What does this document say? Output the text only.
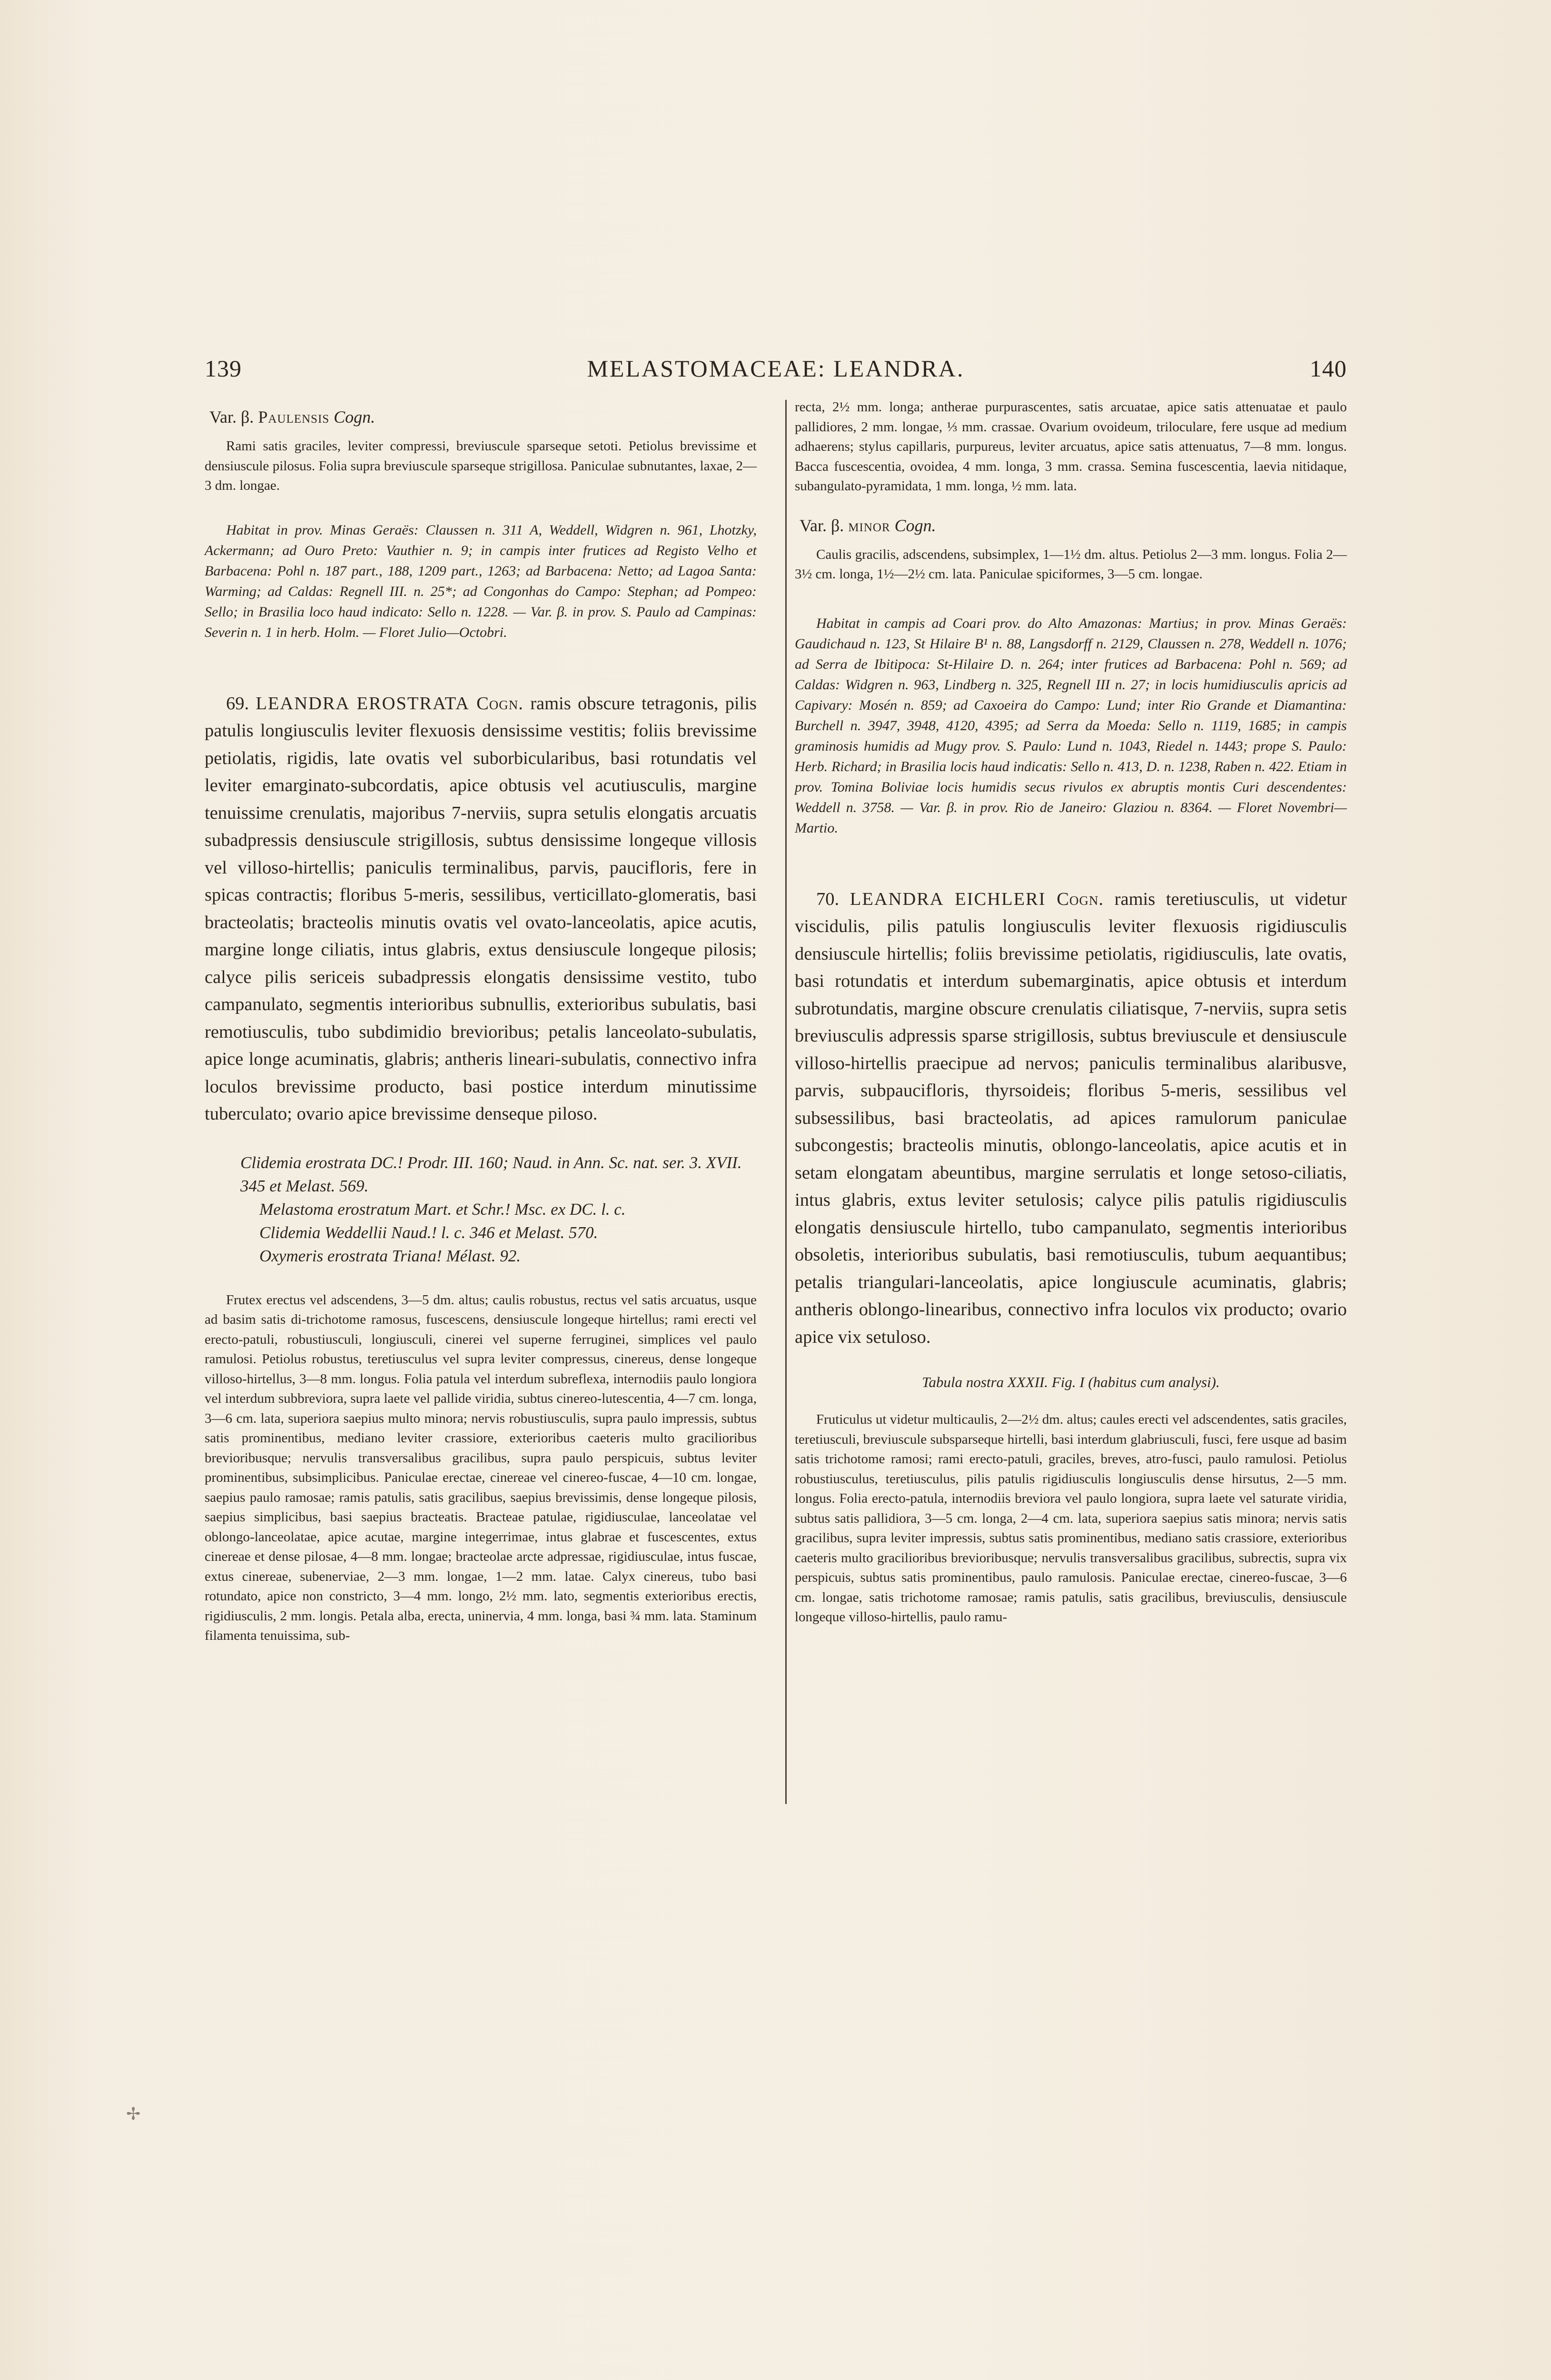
139	MELASTOMACEAE: LEANDRA.	140
Var. β. Paulensis Cogn.

Rami satis graciles, leviter compressi, breviuscule sparseque setoti. Petiolus brevissime et densiuscule pilosus. Folia supra breviuscule sparseque strigillosa. Paniculae subnutantes, laxae, 2—3 dm. longae.

Habitat in prov. Minas Geraës: Claussen n. 311 A, Weddell, Widgren n. 961, Lhotzky, Ackermann; ad Ouro Preto: Vauthier n. 9; in campis inter frutices ad Registo Velho et Barbacena: Pohl n. 187 part., 188, 1209 part., 1263; ad Barbacena: Netto; ad Lagoa Santa: Warming; ad Caldas: Regnell III. n. 25*; ad Congonhas do Campo: Stephan; ad Pompeo: Sello; in Brasilia loco haud indicato: Sello n. 1228. — Var. β. in prov. S. Paulo ad Campinas: Severin n. 1 in herb. Holm. — Floret Julio—Octobri.

69. LEANDRA EROSTRATA Cogn. ramis obscure tetragonis, pilis patulis longiusculis leviter flexuosis densissime vestitis; foliis brevissime petiolatis, rigidis, late ovatis vel suborbicularibus, basi rotundatis vel leviter emarginato-subcordatis, apice obtusis vel acutiusculis, margine tenuissime crenulatis, majoribus 7-nerviis, supra setulis elongatis arcuatis subadpressis densiuscule strigillosis, subtus densissime longeque villosis vel villoso-hirtellis; paniculis terminalibus, parvis, paucifloris, fere in spicas contractis; floribus 5-meris, sessilibus, verticillato-glomeratis, basi bracteolatis; bracteolis minutis ovatis vel ovato-lanceolatis, apice acutis, margine longe ciliatis, intus glabris, extus densiuscule longeque pilosis; calyce pilis sericeis subadpressis elongatis densissime vestito, tubo campanulato, segmentis interioribus subnullis, exterioribus subulatis, basi remotiusculis, tubo subdimidio brevioribus; petalis lanceolato-subulatis, apice longe acuminatis, glabris; antheris lineari-subulatis, connectivo infra loculos brevissime producto, basi postice interdum minutissime tuberculato; ovario apice brevissime denseque piloso.

Clidemia erostrata DC.! Prodr. III. 160; Naud. in Ann. Sc. nat. ser. 3. XVII. 345 et Melast. 569.
Melastoma erostratum Mart. et Schr.! Msc. ex DC. l. c.
Clidemia Weddellii Naud.! l. c. 346 et Melast. 570.
Oxymeris erostrata Triana! Mélast. 92.

Frutex erectus vel adscendens, 3—5 dm. altus; caulis robustus, rectus vel satis arcuatus, usque ad basim satis di-trichotome ramosus, fuscescens, densiuscule longeque hirtellus; rami erecti vel erecto-patuli, robustiusculi, longiusculi, cinerei vel superne ferruginei, simplices vel paulo ramulosi. Petiolus robustus, teretiusculus vel supra leviter compressus, cinereus, dense longeque villoso-hirtellus, 3—8 mm. longus. Folia patula vel interdum subreflexa, internodiis paulo longiora vel interdum subbreviora, supra laete vel pallide viridia, subtus cinereo-lutescentia, 4—7 cm. longa, 3—6 cm. lata, superiora saepius multo minora; nervis robustiusculis, supra paulo impressis, subtus satis prominentibus, mediano leviter crassiore, exterioribus caeteris multo gracilioribus brevioribusque; nervulis transversalibus gracilibus, supra paulo perspicuis, subtus leviter prominentibus, subsimplicibus. Paniculae erectae, cinereae vel cinereo-fuscae, 4—10 cm. longae, saepius paulo ramosae; ramis patulis, satis gracilibus, saepius brevissimis, dense longeque pilosis, saepius simplicibus, basi saepius bracteatis. Bracteae patulae, rigidiusculae, lanceolatae vel oblongo-lanceolatae, apice acutae, margine integerrimae, intus glabrae et fuscescentes, extus cinereae et dense pilosae, 4—8 mm. longae; bracteolae arcte adpressae, rigidiusculae, intus fuscae, extus cinereae, subenerviae, 2—3 mm. longae, 1—2 mm. latae. Calyx cinereus, tubo basi rotundato, apice non constricto, 3—4 mm. longo, 2½ mm. lato, segmentis exterioribus erectis, rigidiusculis, 2 mm. longis. Petala alba, erecta, uninervia, 4 mm. longa, basi ¾ mm. lata. Staminum filamenta tenuissima, sub-

recta, 2½ mm. longa; antherae purpurascentes, satis arcuatae, apice satis attenuatae et paulo pallidiores, 2 mm. longae, ⅓ mm. crassae. Ovarium ovoideum, triloculare, fere usque ad medium adhaerens; stylus capillaris, purpureus, leviter arcuatus, apice satis attenuatus, 7—8 mm. longus. Bacca fuscescentia, ovoidea, 4 mm. longa, 3 mm. crassa. Semina fuscescentia, laevia nitidaque, subangulato-pyramidata, 1 mm. longa, ½ mm. lata.

Var. β. minor Cogn.

Caulis gracilis, adscendens, subsimplex, 1—1½ dm. altus. Petiolus 2—3 mm. longus. Folia 2—3½ cm. longa, 1½—2½ cm. lata. Paniculae spiciformes, 3—5 cm. longae.

Habitat in campis ad Coari prov. do Alto Amazonas: Martius; in prov. Minas Geraës: Gaudichaud n. 123, St Hilaire B¹ n. 88, Langsdorff n. 2129, Claussen n. 278, Weddell n. 1076; ad Serra de Ibitipoca: St-Hilaire D. n. 264; inter frutices ad Barbacena: Pohl n. 569; ad Caldas: Widgren n. 963, Lindberg n. 325, Regnell III n. 27; in locis humidiusculis apricis ad Capivary: Mosén n. 859; ad Caxoeira do Campo: Lund; inter Rio Grande et Diamantina: Burchell n. 3947, 3948, 4120, 4395; ad Serra da Moeda: Sello n. 1119, 1685; in campis graminosis humidis ad Mugy prov. S. Paulo: Lund n. 1043, Riedel n. 1443; prope S. Paulo: Herb. Richard; in Brasilia locis haud indicatis: Sello n. 413, D. n. 1238, Raben n. 422. Etiam in prov. Tomina Boliviae locis humidis secus rivulos ex abruptis montis Curi descendentes: Weddell n. 3758. — Var. β. in prov. Rio de Janeiro: Glaziou n. 8364. — Floret Novembri—Martio.

70. LEANDRA EICHLERI Cogn. ramis teretiusculis, ut videtur viscidulis, pilis patulis longiusculis leviter flexuosis rigidiusculis densiuscule hirtellis; foliis brevissime petiolatis, rigidiusculis, late ovatis, basi rotundatis et interdum subemarginatis, apice obtusis et interdum subrotundatis, margine obscure crenulatis ciliatisque, 7-nerviis, supra setis breviusculis adpressis sparse strigillosis, subtus breviuscule et densiuscule villoso-hirtellis praecipue ad nervos; paniculis terminalibus alaribusve, parvis, subpaucifloris, thyrsoideis; floribus 5-meris, sessilibus vel subsessilibus, basi bracteolatis, ad apices ramulorum paniculae subcongestis; bracteolis minutis, oblongo-lanceolatis, apice acutis et in setam elongatam abeuntibus, margine serrulatis et longe setoso-ciliatis, intus glabris, extus leviter setulosis; calyce pilis patulis rigidiusculis elongatis densiuscule hirtello, tubo campanulato, segmentis interioribus obsoletis, interioribus subulatis, basi remotiusculis, tubum aequantibus; petalis triangulari-lanceolatis, apice longiuscule acuminatis, glabris; antheris oblongo-linearibus, connectivo infra loculos vix producto; ovario apice vix setuloso.

Tabula nostra XXXII. Fig. I (habitus cum analysi).

Fruticulus ut videtur multicaulis, 2—2½ dm. altus; caules erecti vel adscendentes, satis graciles, teretiusculi, breviuscule subsparseque hirtelli, basi interdum glabriusculi, fusci, fere usque ad basim satis trichotome ramosi; rami erecto-patuli, graciles, breves, atro-fusci, paulo ramulosi. Petiolus robustiusculus, teretiusculus, pilis patulis rigidiusculis longiusculis dense hirsutus, 2—5 mm. longus. Folia erecto-patula, internodiis breviora vel paulo longiora, supra laete vel saturate viridia, subtus satis pallidiora, 3—5 cm. longa, 2—4 cm. lata, superiora saepius satis minora; nervis satis gracilibus, supra leviter impressis, subtus satis prominentibus, mediano satis crassiore, exterioribus caeteris multo gracilioribus brevioribusque; nervulis transversalibus gracilibus, subrectis, supra vix perspicuis, subtus satis prominentibus, paulo ramulosis. Paniculae erectae, cinereo-fuscae, 3—6 cm. longae, satis trichotome ramosae; ramis patulis, satis gracilibus, breviusculis, densiuscule longeque villoso-hirtellis, paulo ramu-

✢
